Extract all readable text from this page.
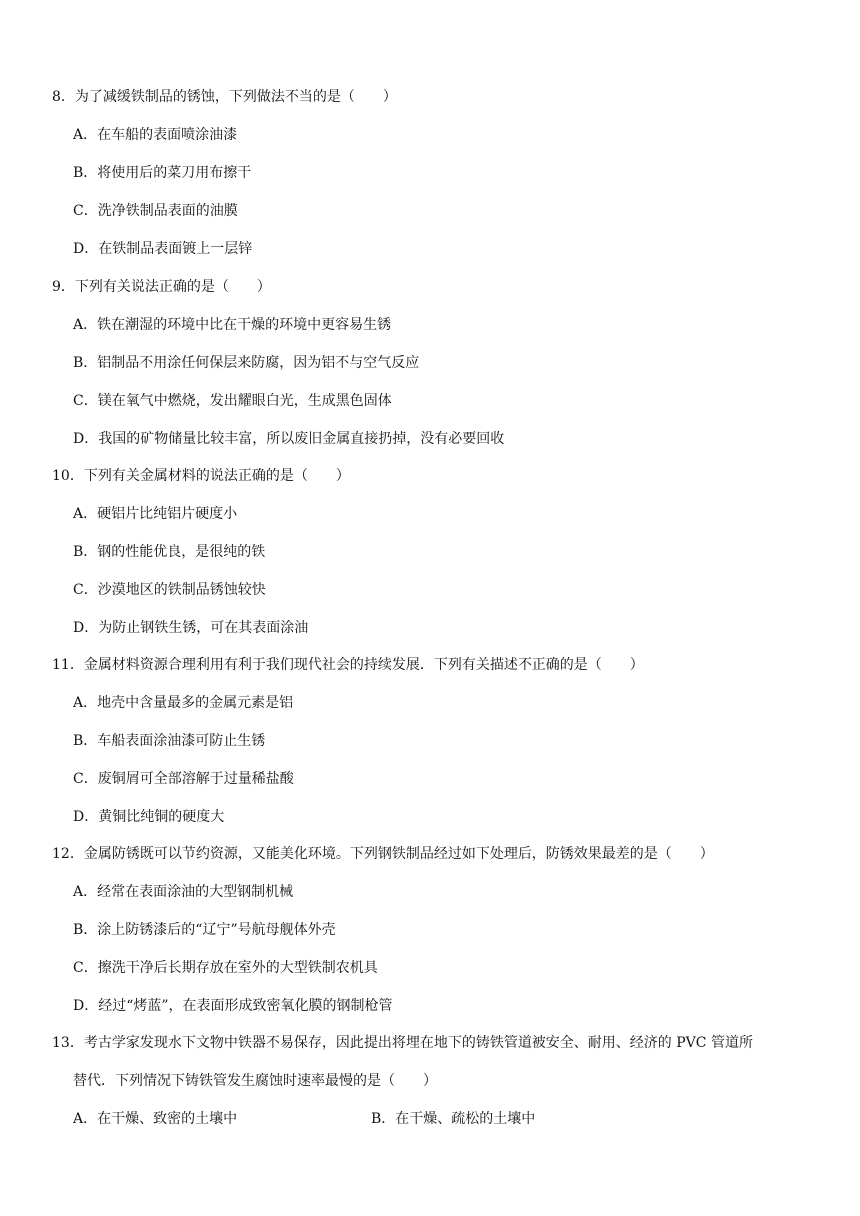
8．为了减缓铁制品的锈蚀，下列做法不当的是（　　）
A．在车船的表面喷涂油漆
B．将使用后的菜刀用布擦干
C．洗净铁制品表面的油膜
D．在铁制品表面镀上一层锌
9．下列有关说法正确的是（　　）
A．铁在潮湿的环境中比在干燥的环境中更容易生锈
B．铝制品不用涂任何保层来防腐，因为铝不与空气反应
C．镁在氧气中燃烧，发出耀眼白光，生成黑色固体
D．我国的矿物储量比较丰富，所以废旧金属直接扔掉，没有必要回收
10．下列有关金属材料的说法正确的是（　　）
A．硬铝片比纯铝片硬度小
B．钢的性能优良，是很纯的铁
C．沙漠地区的铁制品锈蚀较快
D．为防止钢铁生锈，可在其表面涂油
11．金属材料资源合理利用有利于我们现代社会的持续发展．下列有关描述不正确的是（　　）
A．地壳中含量最多的金属元素是铝
B．车船表面涂油漆可防止生锈
C．废铜屑可全部溶解于过量稀盐酸
D．黄铜比纯铜的硬度大
12．金属防锈既可以节约资源，又能美化环境。下列钢铁制品经过如下处理后，防锈效果最差的是（　　）
A．经常在表面涂油的大型钢制机械
B．涂上防锈漆后的“辽宁”号航母舰体外壳
C．擦洗干净后长期存放在室外的大型铁制农机具
D．经过“烤蓝”，在表面形成致密氧化膜的钢制枪管
13．考古学家发现水下文物中铁器不易保存，因此提出将埋在地下的铸铁管道被安全、耐用、经济的 PVC 管道所
替代．下列情况下铸铁管发生腐蚀时速率最慢的是（　　）
A．在干燥、致密的土壤中	B．在干燥、疏松的土壤中
